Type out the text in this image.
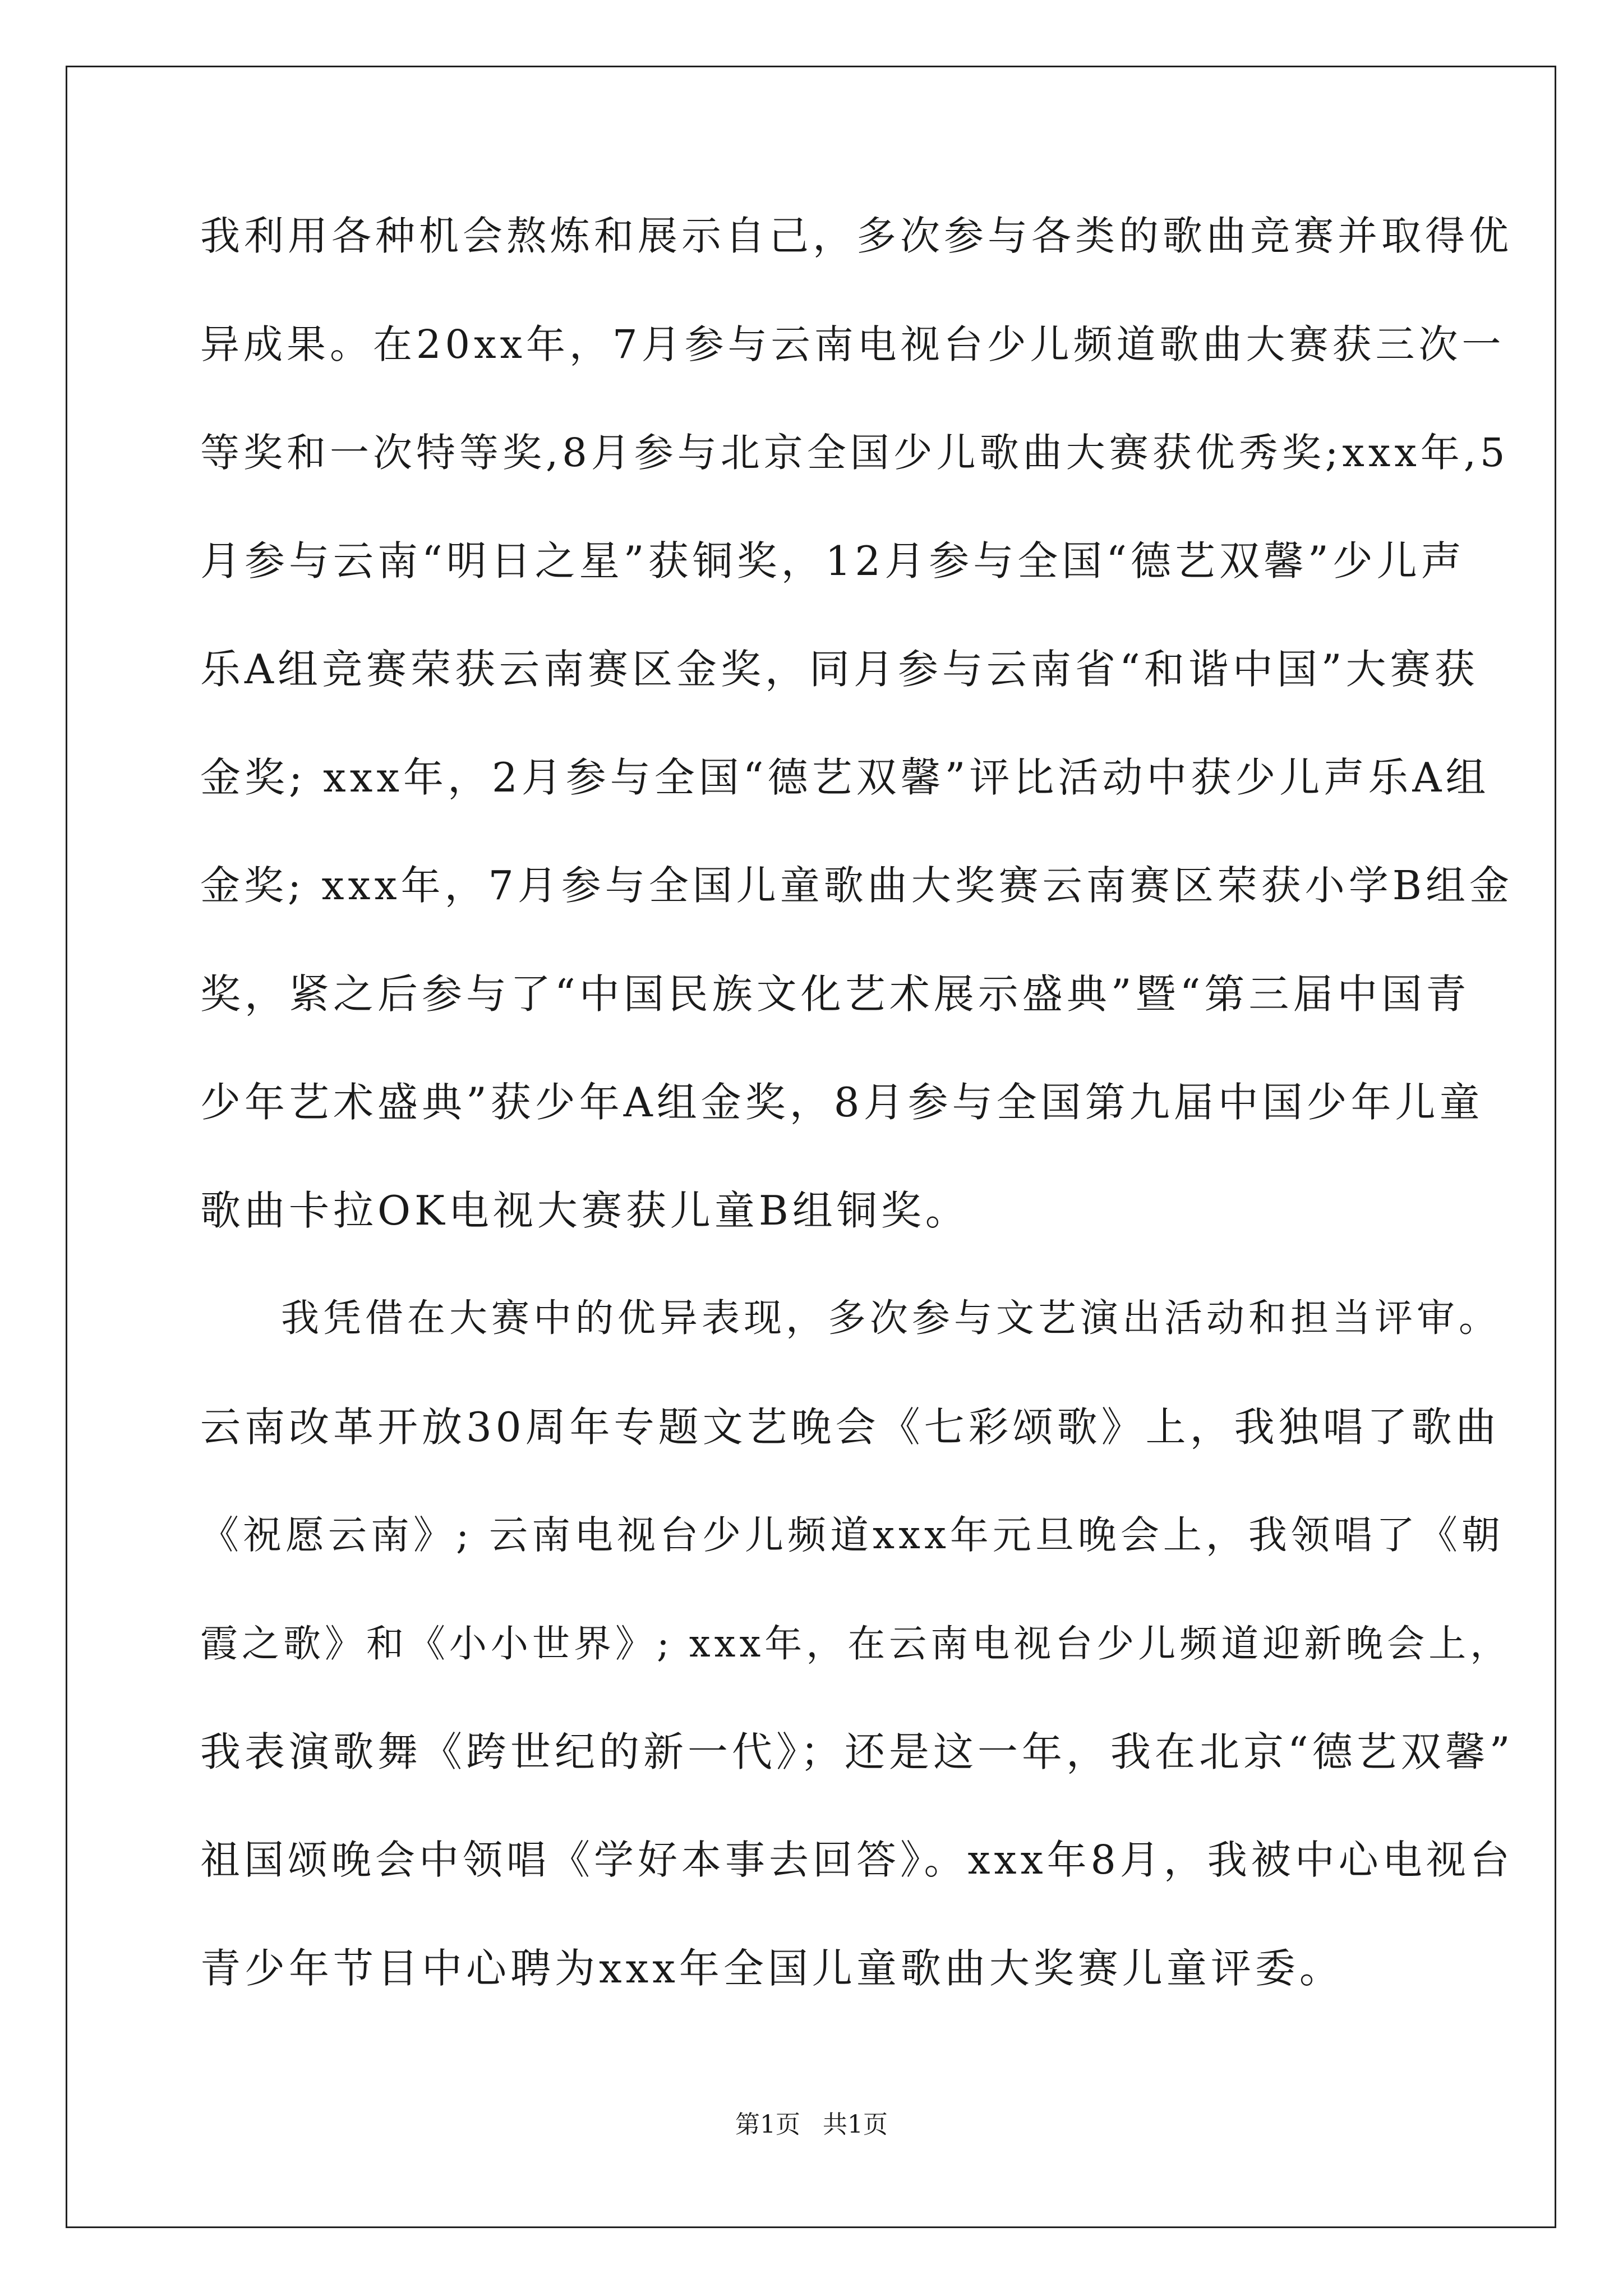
我利用各种机会熬炼和展示自己，多次参与各类的歌曲竞赛并取得优
异成果。在20xx年，7月参与云南电视台少儿频道歌曲大赛获三次一
等奖和一次特等奖,8月参与北京全国少儿歌曲大赛获优秀奖;xxx年,5
月参与云南“明日之星”获铜奖，12月参与全国“德艺双馨”少儿声
乐A组竞赛荣获云南赛区金奖，同月参与云南省“和谐中国”大赛获
金奖; xxx年，2月参与全国“德艺双馨”评比活动中获少儿声乐A组
金奖; xxx年，7月参与全国儿童歌曲大奖赛云南赛区荣获小学B组金
奖，紧之后参与了“中国民族文化艺术展示盛典”暨“第三届中国青
少年艺术盛典”获少年A组金奖，8月参与全国第九届中国少年儿童
歌曲卡拉OK电视大赛获儿童B组铜奖。
我凭借在大赛中的优异表现，多次参与文艺演出活动和担当评审。
云南改革开放30周年专题文艺晚会《七彩颂歌》上，我独唱了歌曲
《祝愿云南》; 云南电视台少儿频道xxx年元旦晚会上，我领唱了《朝
霞之歌》和《小小世界》; xxx年，在云南电视台少儿频道迎新晚会上，
我表演歌舞《跨世纪的新一代》；还是这一年，我在北京“德艺双馨”
祖国颂晚会中领唱《学好本事去回答》。xxx年8月，我被中心电视台
青少年节目中心聘为xxx年全国儿童歌曲大奖赛儿童评委。
第1页 共1页
